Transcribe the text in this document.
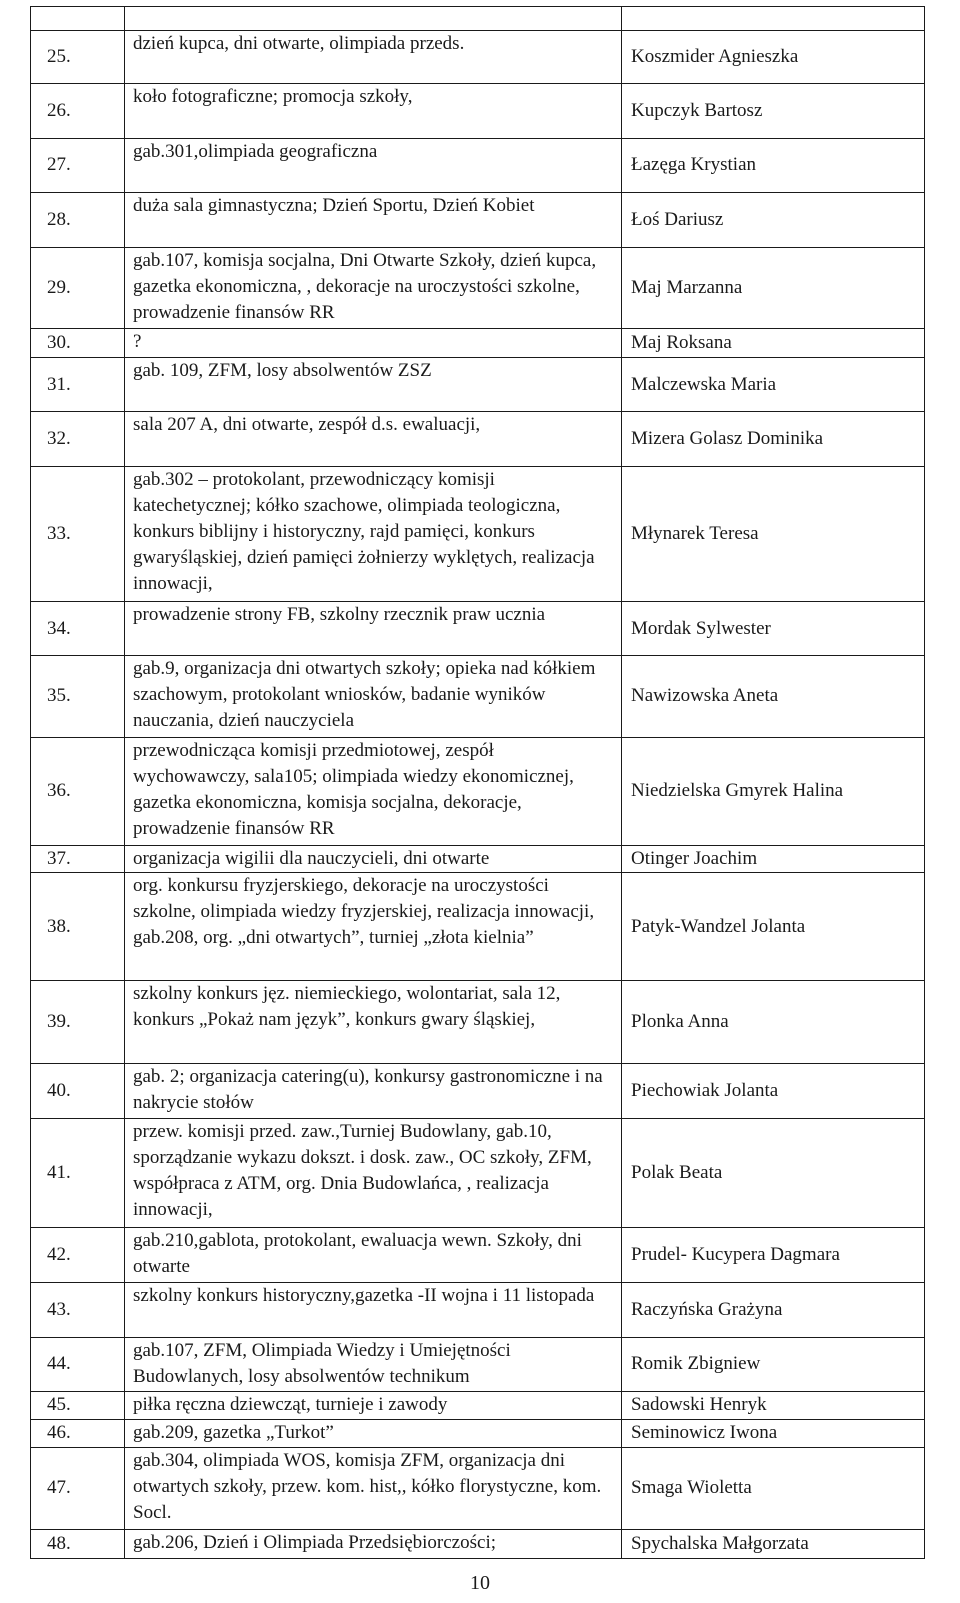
25.	dzień kupca, dni otwarte, olimpiada przeds.	Koszmider Agnieszka
26.	koło fotograficzne; promocja szkoły,	Kupczyk Bartosz
27.	gab.301,olimpiada geograficzna	Łazęga Krystian
28.	duża sala gimnastyczna; Dzień Sportu, Dzień Kobiet	Łoś Dariusz
29.	gab.107, komisja socjalna, Dni Otwarte Szkoły, dzień kupca, gazetka ekonomiczna, , dekoracje na uroczystości szkolne, prowadzenie finansów RR	Maj Marzanna
30.	?	Maj Roksana
31.	gab. 109, ZFM, losy absolwentów ZSZ	Malczewska Maria
32.	sala 207 A, dni otwarte, zespół d.s. ewaluacji,	Mizera Golasz Dominika
33.	gab.302 – protokolant, przewodniczący komisji katechetycznej; kółko szachowe, olimpiada teologiczna, konkurs biblijny i historyczny, rajd pamięci, konkurs gwaryśląskiej, dzień pamięci żołnierzy wyklętych, realizacja innowacji,	Młynarek Teresa
34.	prowadzenie strony FB, szkolny rzecznik praw ucznia	Mordak Sylwester
35.	gab.9, organizacja dni otwartych szkoły; opieka nad kółkiem szachowym, protokolant wniosków, badanie wyników nauczania, dzień nauczyciela	Nawizowska Aneta
36.	przewodnicząca komisji przedmiotowej, zespół wychowawczy, sala105; olimpiada wiedzy ekonomicznej, gazetka ekonomiczna, komisja socjalna, dekoracje, prowadzenie finansów RR	Niedzielska Gmyrek Halina
37.	organizacja wigilii dla nauczycieli, dni otwarte	Otinger Joachim
38.	org. konkursu fryzjerskiego, dekoracje na uroczystości szkolne, olimpiada wiedzy fryzjerskiej, realizacja innowacji, gab.208, org. „dni otwartych”, turniej „złota kielnia”	Patyk-Wandzel Jolanta
39.	szkolny konkurs jęz. niemieckiego, wolontariat, sala 12, konkurs „Pokaż nam język”, konkurs gwary śląskiej,	Plonka Anna
40.	gab. 2; organizacja catering(u), konkursy gastronomiczne i na nakrycie stołów	Piechowiak Jolanta
41.	przew. komisji przed. zaw.,Turniej Budowlany, gab.10, sporządzanie wykazu dokszt. i dosk. zaw., OC szkoły, ZFM, współpraca z ATM, org. Dnia Budowlańca, , realizacja innowacji,	Polak Beata
42.	gab.210,gablota, protokolant, ewaluacja wewn. Szkoły, dni otwarte	Prudel- Kucypera Dagmara
43.	szkolny konkurs historyczny,gazetka -II wojna i 11 listopada	Raczyńska Grażyna
44.	gab.107, ZFM, Olimpiada Wiedzy i Umiejętności Budowlanych, losy absolwentów technikum	Romik Zbigniew
45.	piłka ręczna dziewcząt, turnieje i zawody	Sadowski Henryk
46.	gab.209, gazetka „Turkot”	Seminowicz Iwona
47.	gab.304, olimpiada WOS, komisja ZFM, organizacja dni otwartych szkoły, przew. kom. hist,, kółko florystyczne, kom. Socl.	Smaga Wioletta
48.	gab.206, Dzień i Olimpiada Przedsiębiorczości;	Spychalska Małgorzata
10
